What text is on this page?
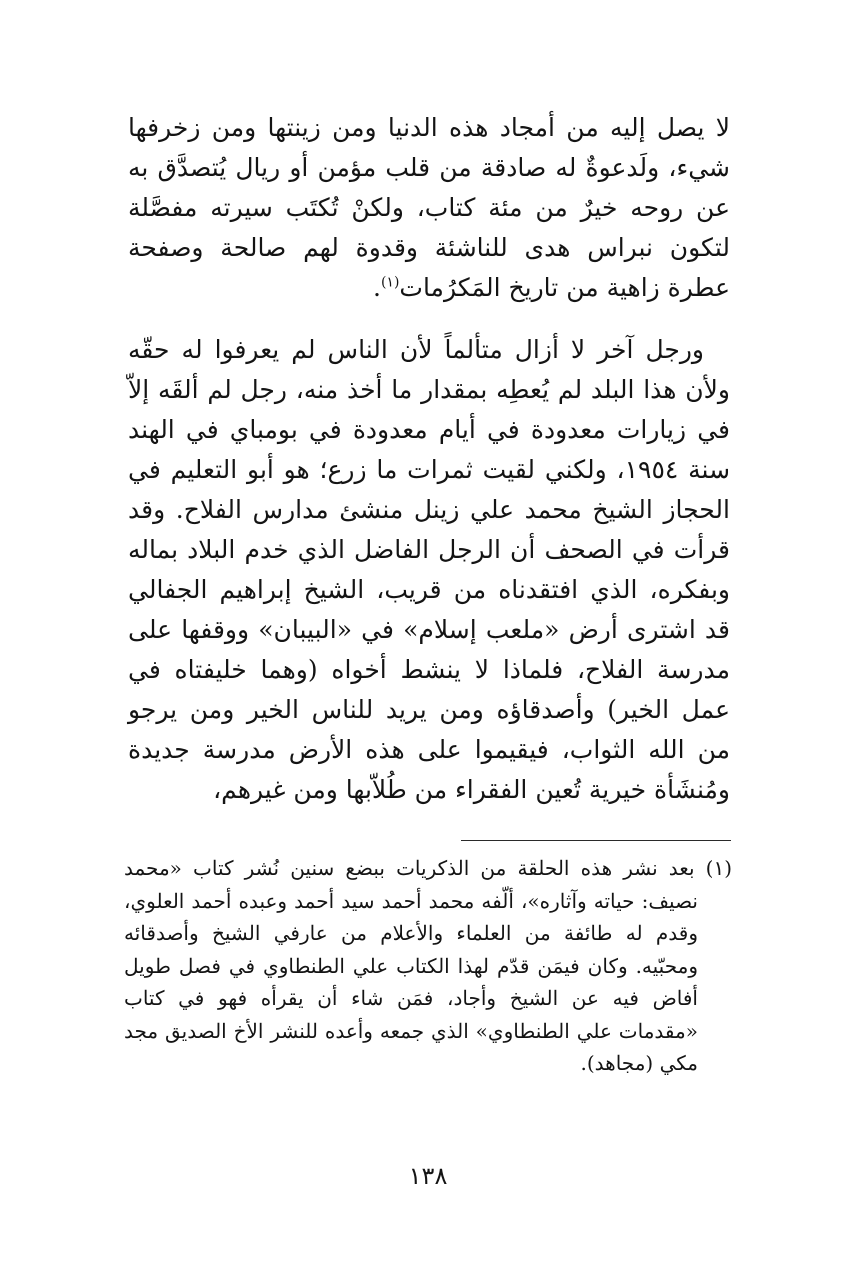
لا يصل إليه من أمجاد هذه الدنيا ومن زينتها ومن زخرفها شيء، ولَدعوةٌ له صادقة من قلب مؤمن أو ريال يُتصدَّق به عن روحه خيرٌ من مئة كتاب، ولكنْ تُكتَب سيرته مفصَّلة لتكون نبراس هدى للناشئة وقدوة لهم صالحة وصفحة عطرة زاهية من تاريخ المَكرُمات$^{(١)}$.

ورجل آخر لا أزال متألماً لأن الناس لم يعرفوا له حقّه ولأن هذا البلد لم يُعطِه بمقدار ما أخذ منه، رجل لم ألقَه إلاّ في زيارات معدودة في أيام معدودة في بومباي في الهند سنة ١٩٥٤، ولكني لقيت ثمرات ما زرع؛ هو أبو التعليم في الحجاز الشيخ محمد علي زينل منشئ مدارس الفلاح. وقد قرأت في الصحف أن الرجل الفاضل الذي خدم البلاد بماله وبفكره، الذي افتقدناه من قريب، الشيخ إبراهيم الجفالي قد اشترى أرض «ملعب إسلام» في «البيبان» ووقفها على مدرسة الفلاح، فلماذا لا ينشط أخواه (وهما خليفتاه في عمل الخير) وأصدقاؤه ومن يريد للناس الخير ومن يرجو من الله الثواب، فيقيموا على هذه الأرض مدرسة جديدة ومُنشَأة خيرية تُعين الفقراء من طُلاّبها ومن غيرهم،

(١) بعد نشر هذه الحلقة من الذكريات ببضع سنين نُشر كتاب «محمد نصيف: حياته وآثاره»، ألّفه محمد أحمد سيد أحمد وعبده أحمد العلوي، وقدم له طائفة من العلماء والأعلام من عارفي الشيخ وأصدقائه ومحبّيه. وكان فيمَن قدّم لهذا الكتاب علي الطنطاوي في فصل طويل أفاض فيه عن الشيخ وأجاد، فمَن شاء أن يقرأه فهو في كتاب «مقدمات علي الطنطاوي» الذي جمعه وأعده للنشر الأخ الصديق مجد مكي (مجاهد).

١٣٨
